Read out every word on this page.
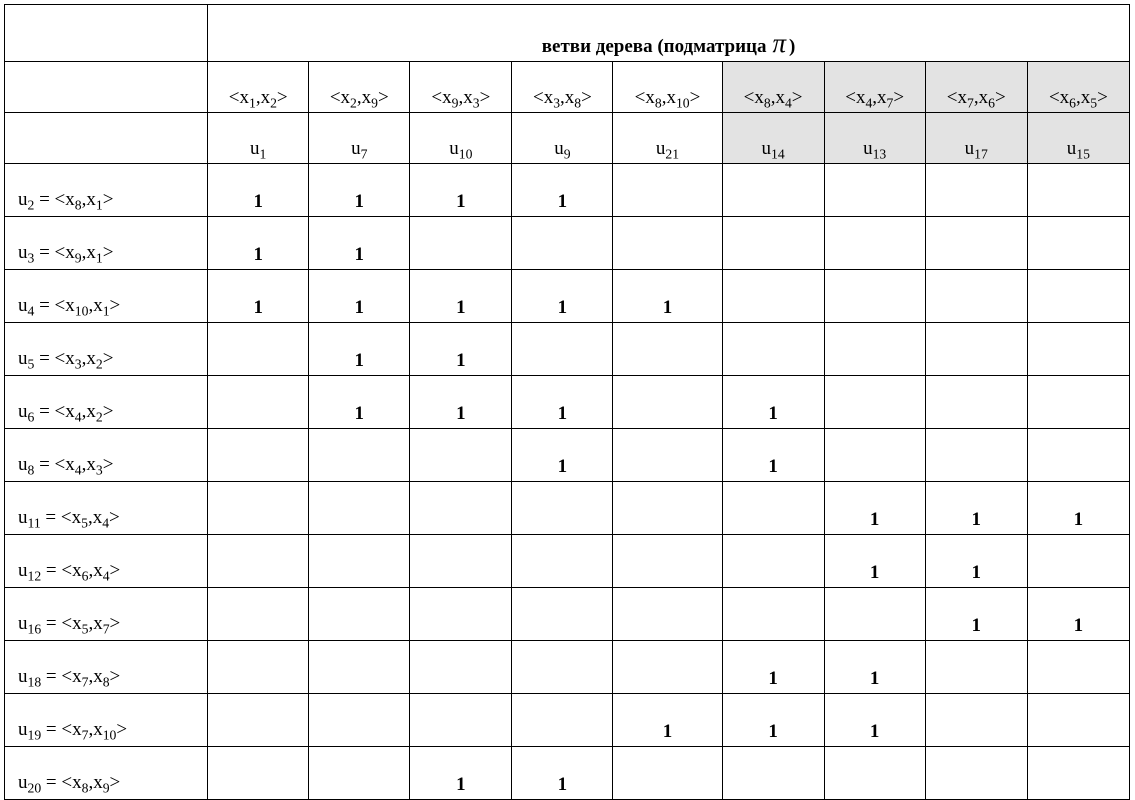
	ветви дерева (подматрица π )								
	$<x_1,x_2>$	$<x_2,x_9>$	$<x_9,x_3>$	$<x_3,x_8>$	$<x_8,x_{10}>$	$<x_8,x_4>$	$<x_4,x_7>$	$<x_7,x_6>$	$<x_6,x_5>$
	$u_1$	$u_7$	$u_{10}$	$u_9$	$u_{21}$	$u_{14}$	$u_{13}$	$u_{17}$	$u_{15}$
$u_2 = <x_8,x_1>$	1	1	1	1					
$u_3 = <x_9,x_1>$	1	1							
$u_4 = <x_{10},x_1>$	1	1	1	1	1				
$u_5 = <x_3,x_2>$		1	1						
$u_6 = <x_4,x_2>$		1	1	1		1			
$u_8 = <x_4,x_3>$				1		1			
$u_{11} = <x_5,x_4>$							1	1	1
$u_{12} = <x_6,x_4>$							1	1	
$u_{16} = <x_5,x_7>$								1	1
$u_{18} = <x_7,x_8>$						1	1		
$u_{19} = <x_7,x_{10}>$					1	1	1		
$u_{20} = <x_8,x_9>$			1	1					
